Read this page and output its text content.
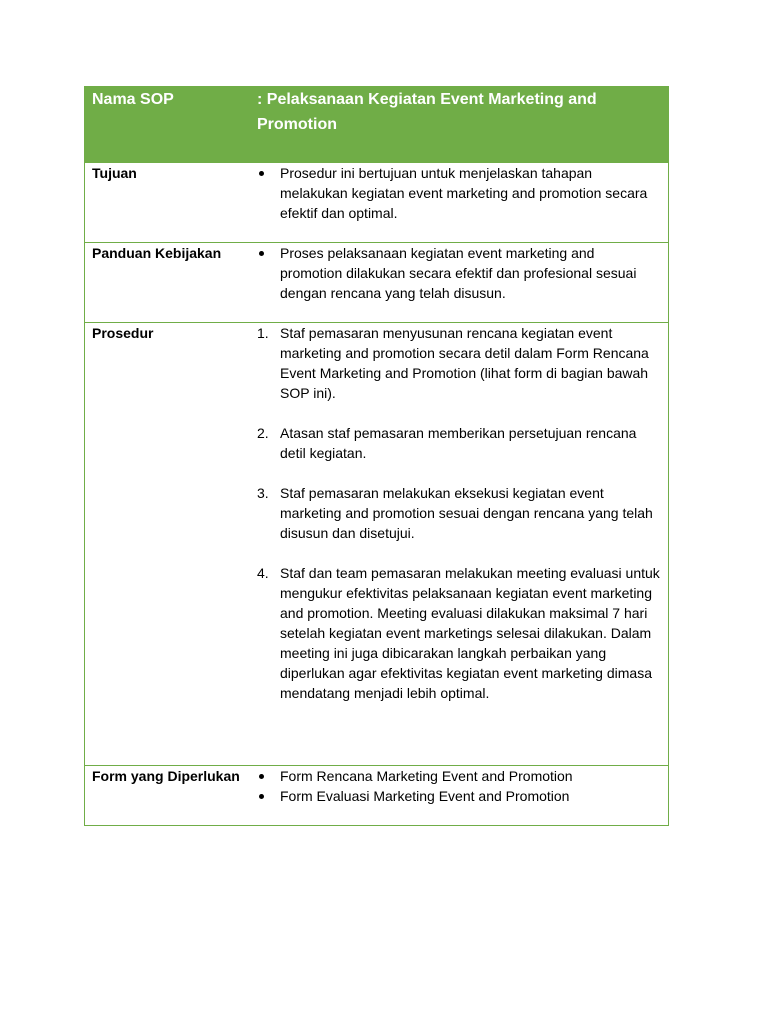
Nama SOP	: Pelaksanaan Kegiatan Event Marketing and Promotion
Tujuan	Prosedur ini bertujuan untuk menjelaskan tahapan melakukan kegiatan event marketing and promotion secara efektif dan optimal.
Panduan Kebijakan	Proses pelaksanaan kegiatan event marketing and promotion dilakukan secara efektif dan profesional sesuai dengan rencana yang telah disusun.
Prosedur	1. Staf pemasaran menyusunan rencana kegiatan event marketing and promotion secara detil dalam Form Rencana Event Marketing and Promotion (lihat form di bagian bawah SOP ini).
2. Atasan staf pemasaran memberikan persetujuan rencana detil kegiatan.
3. Staf pemasaran melakukan eksekusi kegiatan event marketing and promotion sesuai dengan rencana yang telah disusun dan disetujui.
4. Staf dan team pemasaran melakukan meeting evaluasi untuk mengukur efektivitas pelaksanaan kegiatan event marketing and promotion. Meeting evaluasi dilakukan maksimal 7 hari setelah kegiatan event marketings selesai dilakukan. Dalam meeting ini juga dibicarakan langkah perbaikan yang diperlukan agar efektivitas kegiatan event marketing dimasa mendatang menjadi lebih optimal.
Form yang Diperlukan	Form Rencana Marketing Event and Promotion
Form Evaluasi Marketing Event and Promotion
